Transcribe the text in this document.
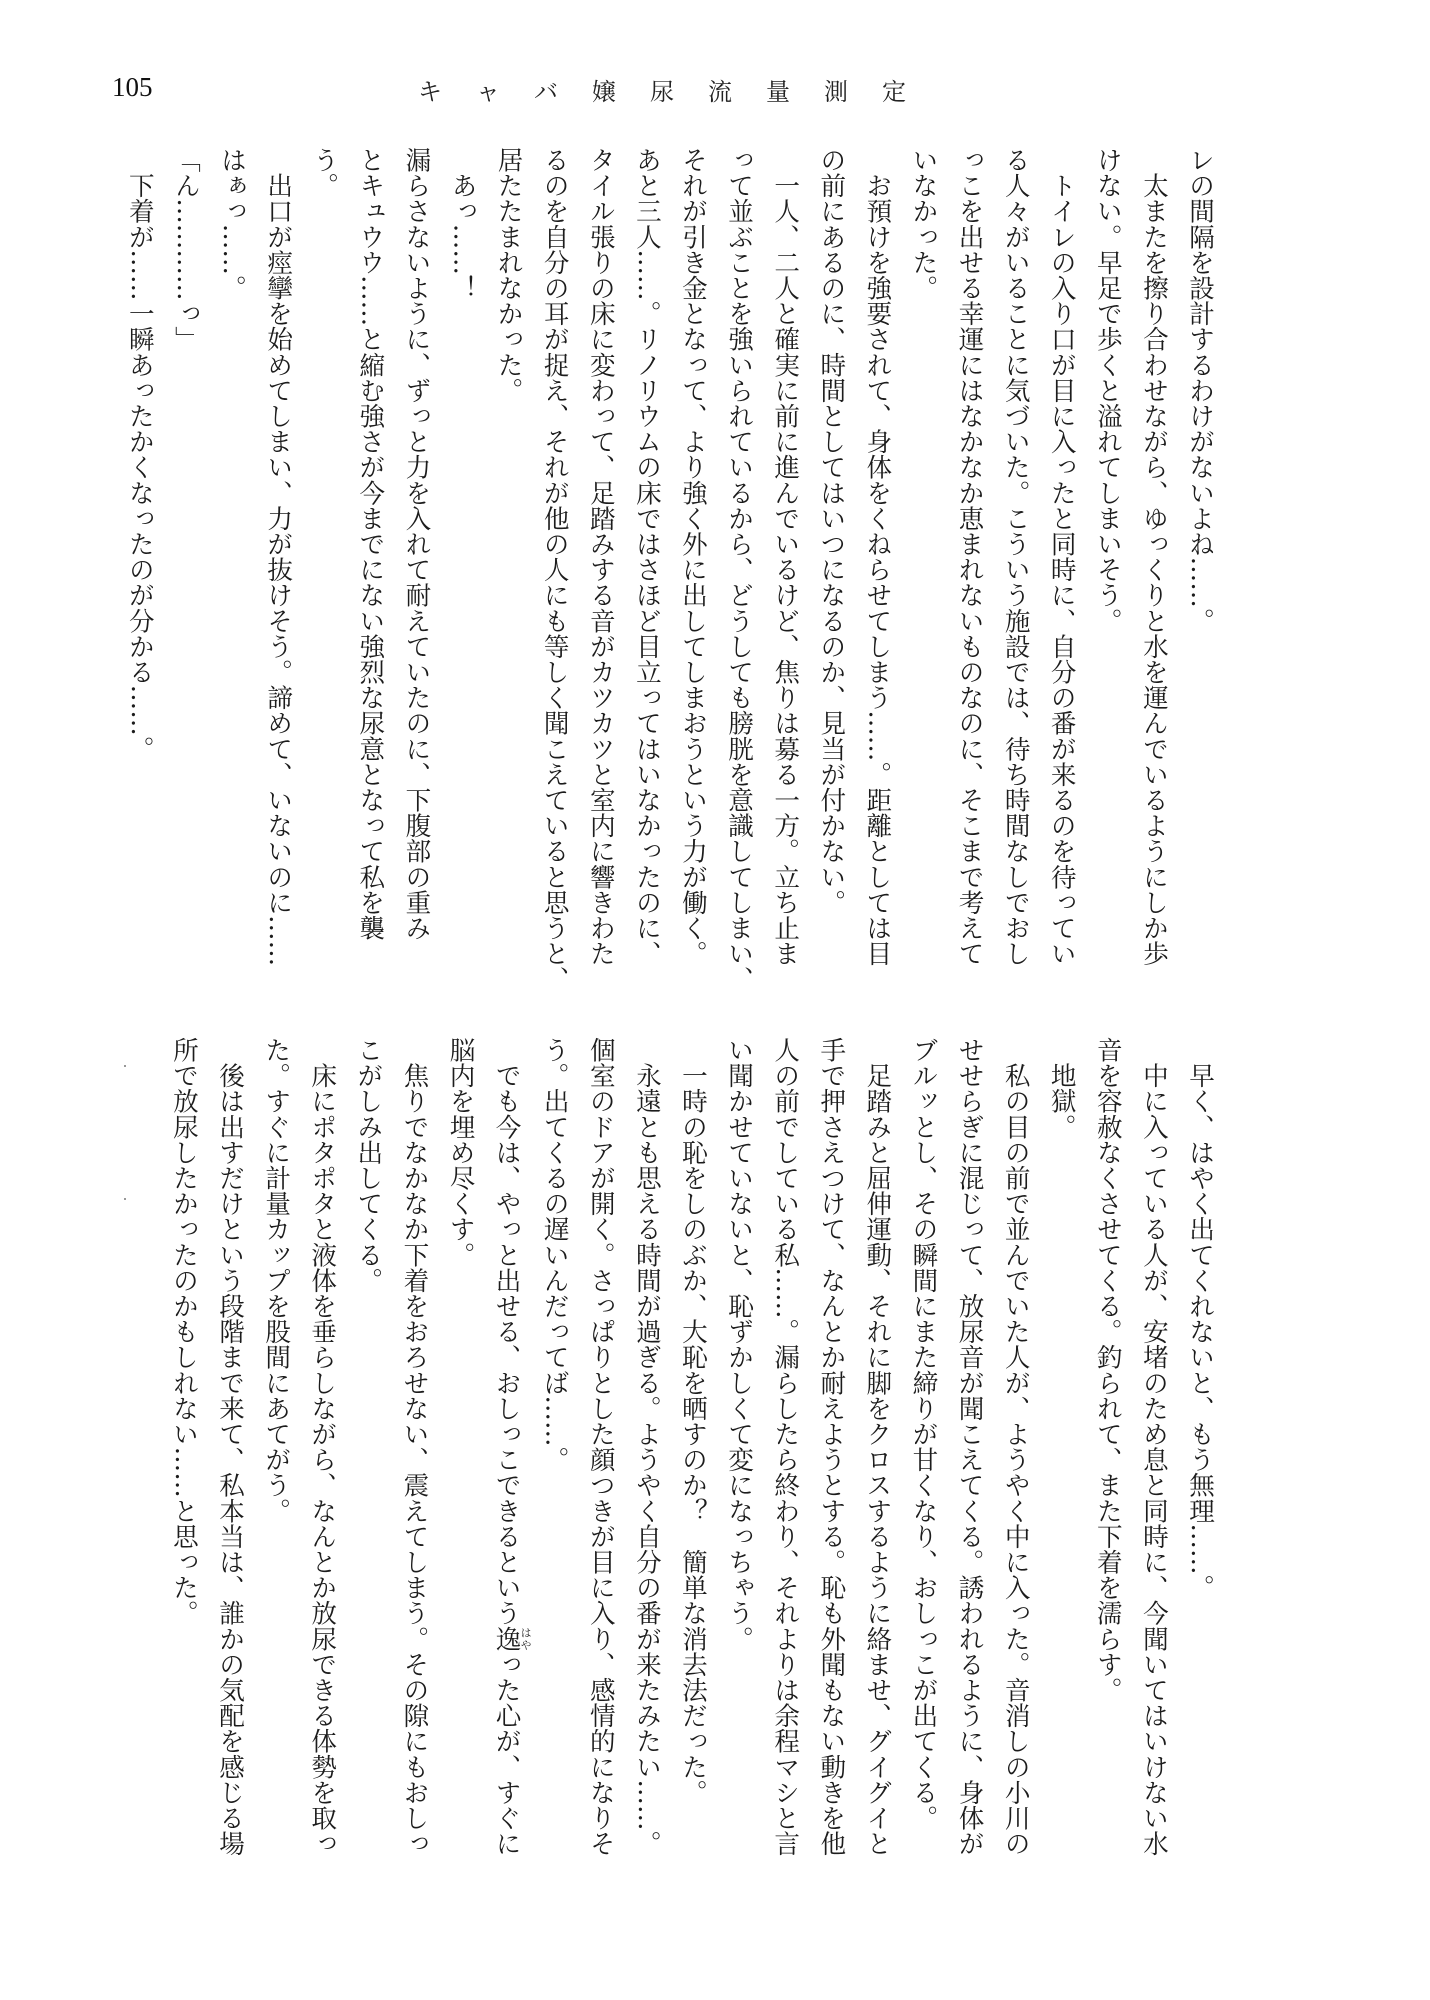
105	キャバ嬢尿流量測定
レの間隔を設計するわけがないよね……。
太またを擦り合わせながら、ゆっくりと水を運んでいるようにしか歩
けない。早足で歩くと溢れてしまいそう。
トイレの入り口が目に入ったと同時に、自分の番が来るのを待ってい
る人々がいることに気づいた。こういう施設では、待ち時間なしでおし
っこを出せる幸運にはなかなか恵まれないものなのに、そこまで考えて
いなかった。
お預けを強要されて、身体をくねらせてしまう……。距離としては目
の前にあるのに、時間としてはいつになるのか、見当が付かない。
一人、二人と確実に前に進んでいるけど、焦りは募る一方。立ち止ま
って並ぶことを強いられているから、どうしても膀胱を意識してしまい、
それが引き金となって、より強く外に出してしまおうという力が働く。
あと三人……。リノリウムの床ではさほど目立ってはいなかったのに、
タイル張りの床に変わって、足踏みする音がカツカツと室内に響きわた
るのを自分の耳が捉え、それが他の人にも等しく聞こえていると思うと、
居たたまれなかった。
あっ……！
漏らさないように、ずっと力を入れて耐えていたのに、下腹部の重み
とキュウウ……と縮む強さが今までにない強烈な尿意となって私を襲
う。
出口が痙攣を始めてしまい、力が抜けそう。諦めて、いないのに……
はぁっ……。
「ん…………っ」
下着が……一瞬あったかくなったのが分かる……。
早く、はやく出てくれないと、もう無理……。
中に入っている人が、安堵のため息と同時に、今聞いてはいけない水
音を容赦なくさせてくる。釣られて、また下着を濡らす。
地獄。
私の目の前で並んでいた人が、ようやく中に入った。音消しの小川の
せせらぎに混じって、放尿音が聞こえてくる。誘われるように、身体が
ブルッとし、その瞬間にまた締りが甘くなり、おしっこが出てくる。
足踏みと屈伸運動、それに脚をクロスするように絡ませ、グイグイと
手で押さえつけて、なんとか耐えようとする。恥も外聞もない動きを他
人の前でしている私……。漏らしたら終わり、それよりは余程マシと言
い聞かせていないと、恥ずかしくて変になっちゃう。
一時の恥をしのぶか、大恥を晒すのか？　簡単な消去法だった。
永遠とも思える時間が過ぎる。ようやく自分の番が来たみたい……。
個室のドアが開く。さっぱりとした顔つきが目に入り、感情的になりそ
う。出てくるの遅いんだってば……。
でも今は、やっと出せる、おしっこできるという逸はやった心が、すぐに
脳内を埋め尽くす。
焦りでなかなか下着をおろせない、震えてしまう。その隙にもおしっ
こがしみ出してくる。
床にポタポタと液体を垂らしながら、なんとか放尿できる体勢を取っ
た。すぐに計量カップを股間にあてがう。
後は出すだけという段階まで来て、私本当は、誰かの気配を感じる場
所で放尿したかったのかもしれない……と思った。
